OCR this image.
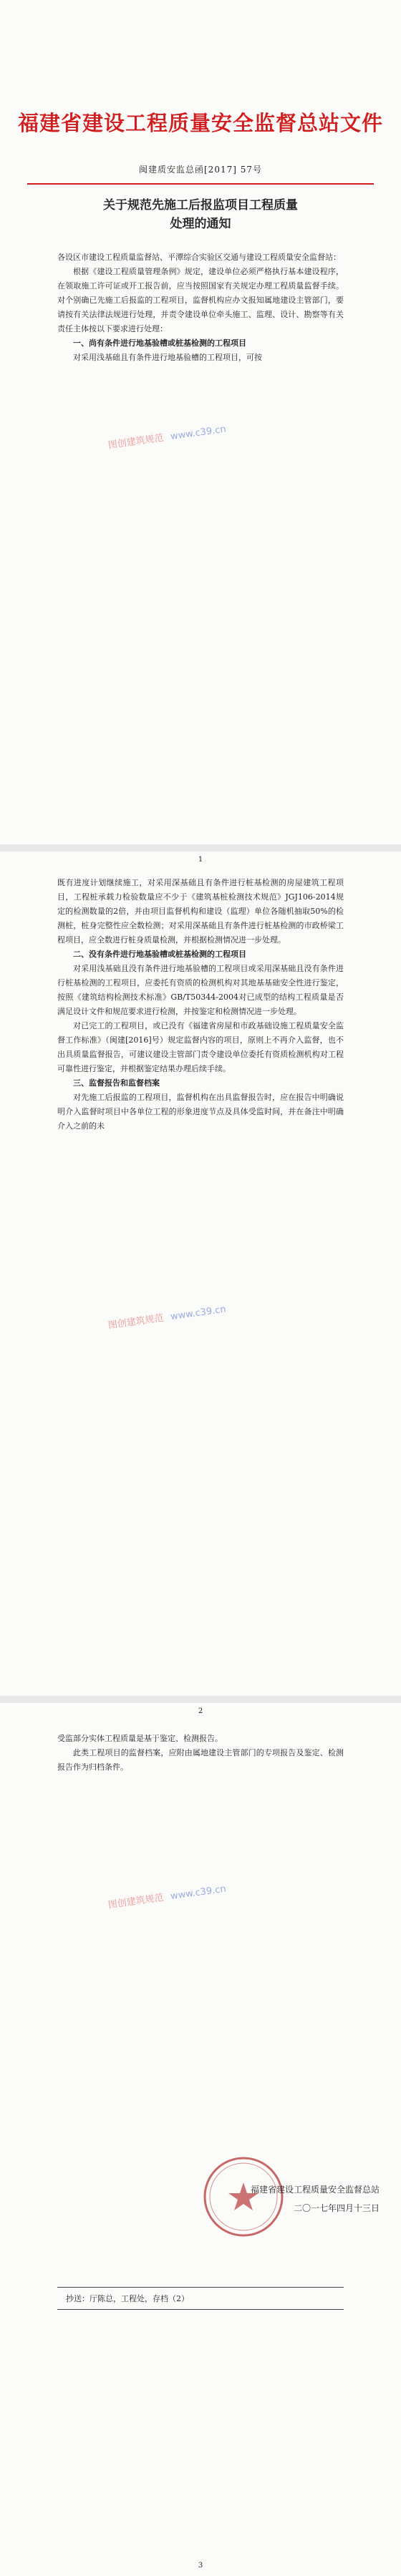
福建省建设工程质量安全监督总站文件
闽建质安监总函[2017] 57号
关于规范先施工后报监项目工程质量
处理的通知

各设区市建设工程质量监督站、平潭综合实验区交通与建设工程质量安全监督站：

根据《建设工程质量管理条例》规定，建设单位必须严格执行基本建设程序，在领取施工许可证或开工报告前，应当按照国家有关规定办理工程质量监督手续。对个别确已先施工后报监的工程项目，监督机构应办文报知属地建设主管部门，要请按有关法律法规进行处理，并责令建设单位牵头施工、监理、设计、勘察等有关责任主体按以下要求进行处理：

一、尚有条件进行地基验槽或桩基检测的工程项目

对采用浅基础且有条件进行地基验槽的工程项目，可按

图创建筑规范 www.c39.cn
1

既有进度计划继续施工，对采用深基础且有条件进行桩基检测的房屋建筑工程项目，工程桩承载力检验数量应不少于《建筑基桩检测技术规范》JGJ106-2014规定的检测数量的2倍，并由项目监督机构和建设（监理）单位各随机抽取50%的检测桩，桩身完整性应全数检测；对采用深基础且有条件进行桩基检测的市政桥梁工程项目，应全数进行桩身质量检测，并根据检测情况进一步处理。

二、没有条件进行地基验槽或桩基检测的工程项目

对采用浅基础且没有条件进行地基验槽的工程项目或采用深基础且没有条件进行桩基检测的工程项目，应委托有资质的检测机构对其地基基础安全性进行鉴定，按照《建筑结构检测技术标准》GB/T50344-2004对已成型的结构工程质量是否满足设计文件和规范要求进行检测，并按鉴定和检测情况进一步处理。

对已完工的工程项目，或已没有《福建省房屋和市政基础设施工程质量安全监督工作标准》（闽建[2016]号）规定监督内容的项目，原则上不再介入监督，也不出具质量监督报告，可建议建设主管部门责令建设单位委托有资质检测机构对工程可靠性进行鉴定，并根据鉴定结果办理后续手续。

三、监督报告和监督档案

对先施工后报监的工程项目，监督机构在出具监督报告时，应在报告中明确说明介入监督时项目中各单位工程的形象进度节点及具体受监时间，并在备注中明确介入之前的未

图创建筑规范 www.c39.cn
2

受监部分实体工程质量是基于鉴定、检测报告。

此类工程项目的监督档案，应附由属地建设主管部门的专项报告及鉴定、检测报告作为归档条件。

图创建筑规范 www.c39.cn
3
福建省建设工程质量安全监督总站
二〇一七年四月十三日
抄送：厅陈总，工程处，存档（2）
